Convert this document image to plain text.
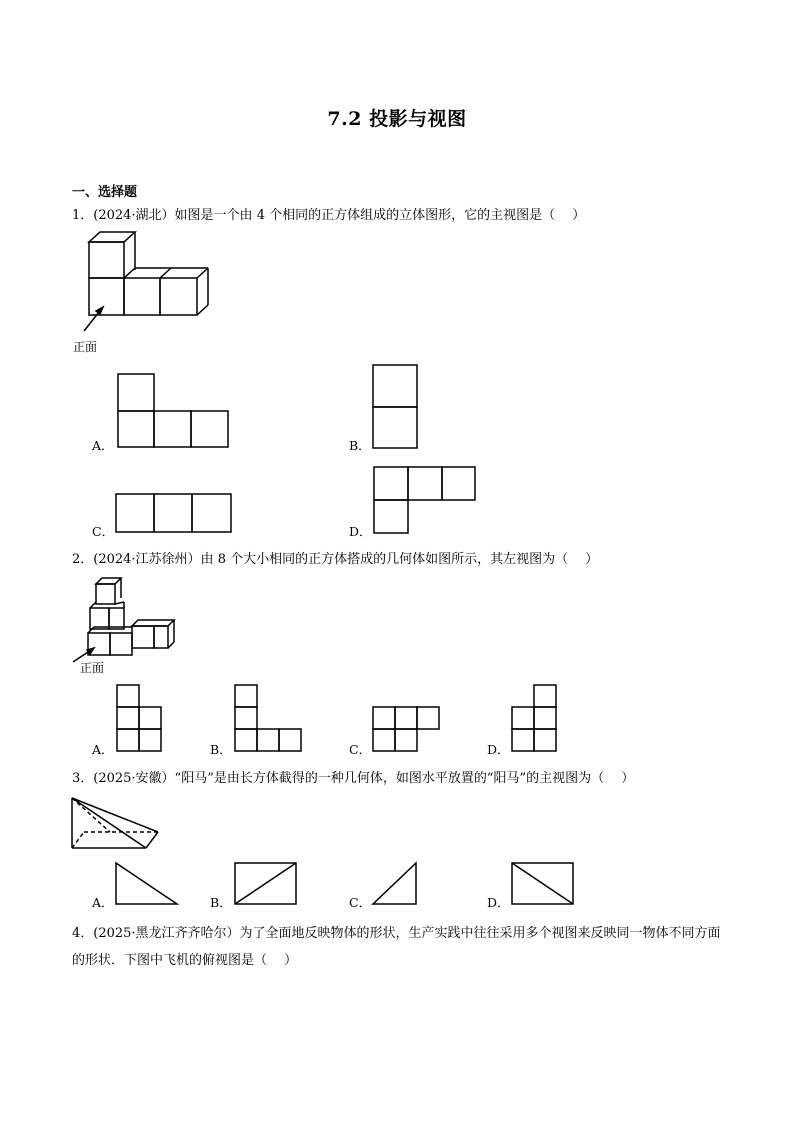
7.2 投影与视图
一、选择题
1．(2024·湖北）如图是一个由 4 个相同的正方体组成的立体图形，它的主视图是（　 ）
正面
A．	B．
C．	D．
2．(2024·江苏徐州）由 8 个大小相同的正方体搭成的几何体如图所示，其左视图为（　 ）
正面
A．	B．	C．	D．
3．(2025·安徽）“阳马”是由长方体截得的一种几何体，如图水平放置的“阳马”的主视图为（　 ）
A．	B．	C．	D．
4．(2025·黑龙江齐齐哈尔）为了全面地反映物体的形状，生产实践中往往采用多个视图来反映同一物体不同方面的形状．下图中飞机的俯视图是（　 ）
